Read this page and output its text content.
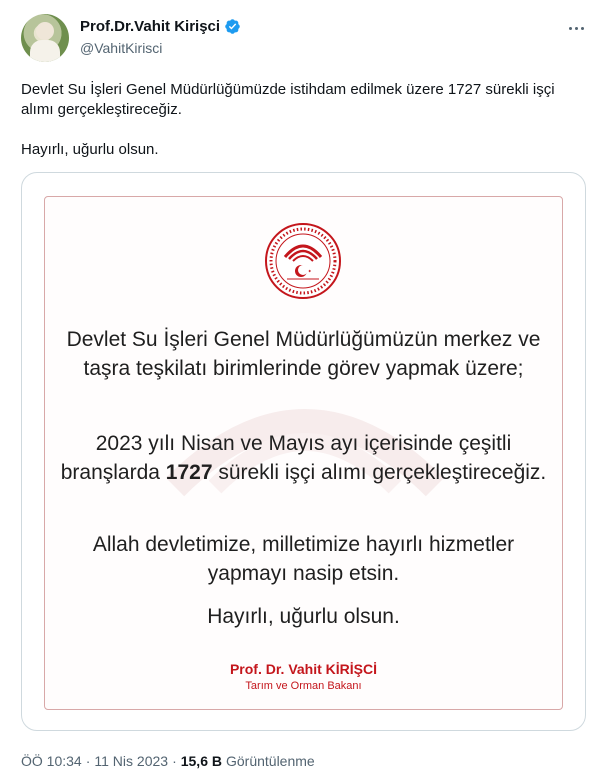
Prof.Dr.Vahit Kirişci
@VahitKirisci

Devlet Su İşleri Genel Müdürlüğümüzde istihdam edilmek üzere 1727 sürekli işçi alımı gerçekleştireceğiz.

Hayırlı, uğurlu olsun.

Devlet Su İşleri Genel Müdürlüğümüzün merkez ve taşra teşkilatı birimlerinde görev yapmak üzere;
2023 yılı Nisan ve Mayıs ayı içerisinde çeşitli branşlarda 1727 sürekli işçi alımı gerçekleştireceğiz.
Allah devletimize, milletimize hayırlı hizmetler yapmayı nasip etsin.
Hayırlı, uğurlu olsun.
Prof. Dr. Vahit KİRİŞCİ
Tarım ve Orman Bakanı
ÖÖ 10:34 · 11 Nis 2023 · 15,6 B Görüntülenme
